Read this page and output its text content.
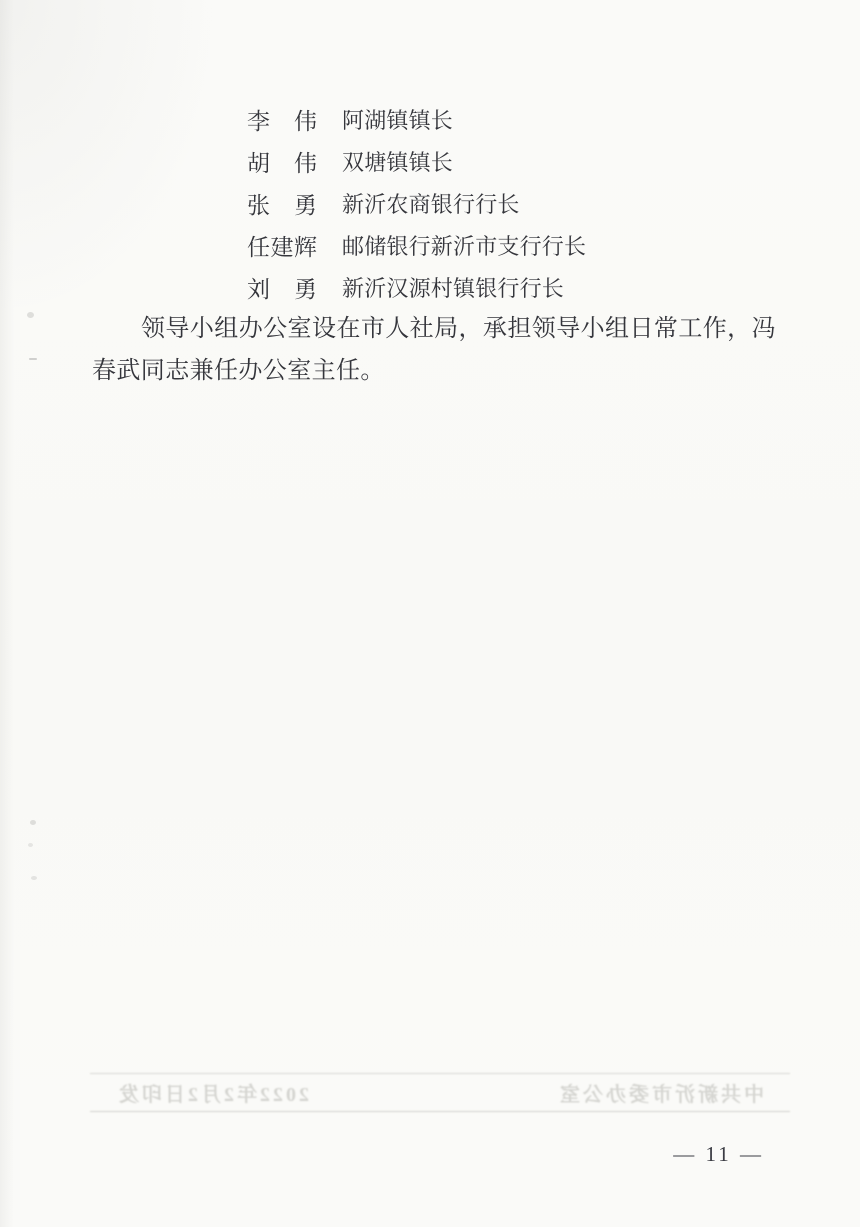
李　伟	阿湖镇镇长
胡　伟	双塘镇镇长
张　勇	新沂农商银行行长
任建辉	邮储银行新沂市支行行长
刘　勇	新沂汉源村镇银行行长

领导小组办公室设在市人社局，承担领导小组日常工作，冯春武同志兼任办公室主任。

中共新沂市委办公室
2022年2月2日印发
— 11 —
